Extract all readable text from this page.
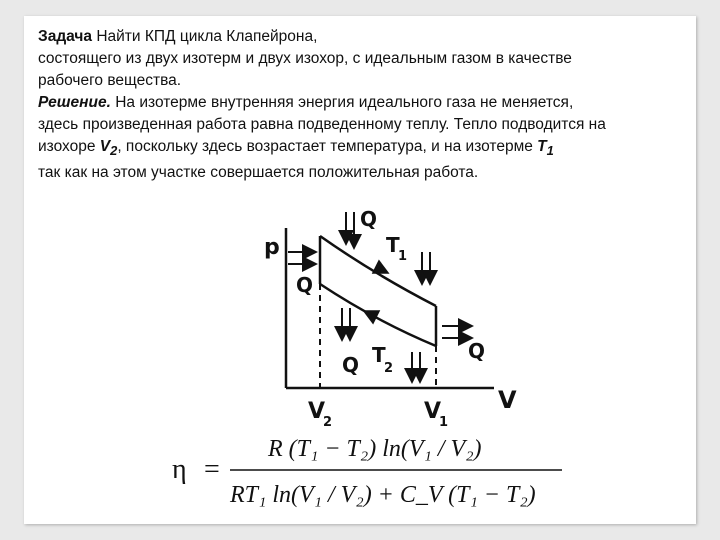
Задача Найти КПД цикла Клапейрона,

состоящего из двух изотерм и двух изохор, с идеальным газом в качестве

рабочего вещества.

Решение. На изотерме внутренняя энергия идеального газа не меняется,

здесь произведенная работа равна подведенному теплу. Тепло подводится на

изохоре $V_2$, поскольку здесь возрастает температура, и на изотерме $T_1$

так как на этом участке совершается положительная работа.

p
V
Q
T
1
Q
Q T
2
Q
V
2	V
1
η =
R (T₁ − T₂) ln(V₁ / V₂)
RT₁ ln(V₁ / V₂) + C_V (T₁ − T₂)
